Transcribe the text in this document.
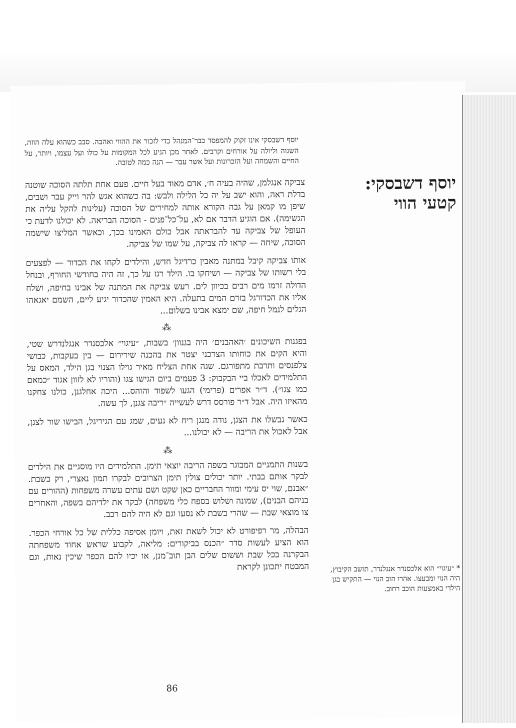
יוסף דשבסקי:
קטעי הווי

יוסף דשבסקי אינו זקוק להמפסד כבר־המנהל כדי לזכור את ההווי ואהבה. סבב כשהוא עלה הוזה, השגוה וליולה על אורחים וקרבים. לאחר מכן הגיע לכל המקומות על כולו ועל עצמו, ויותר, על החיים והשמחה ועל הזכרונות ועל אשר עבר — הנה כמה לטובה.

צביקה אנגלמן, שהיה בעיה ח׳, אדם מאוד בעל חיים. פעם אחת תלתה הסוכה שוטנה בדלת ראה, והוא ישב על יה כל הלילה ולבש: בה כשהוא אגש להר וייק עבר ושבים, שיפן מו קמאן על גבה הקורא אותה למחירים של הסוכה (עלינות להקל עליה את הגשימה). אם הוגיע הדבר אם לא, על־כל־פנים - הסוכה הבריאה. לא יכולנו לדעת כי העופל של צביקה עד להבראתה אבל כולם האמינו בכך, וכאשר המליצו שישמה הסוכה, שיחה — קראו לה צביקה, על שמו של צביקה.

אותו צביקה קיבל במתנה מאבין כרדיגל חדש, והילדים לקחו את הכדור — לפצעים בלי רשותו של צביקה — ושיחקו בו. הילד רגז על כך, זה היה בחודשי החורף, ובנחל הדולה זרמו מים רבים בכיוון לים. רעש צביקה את המתנה של אבינו בחיפה, ושלח אליו את הכדורגל בזרם המים בתעלה. היא האמין שהכדור יגיע ליים, השמם יאגאהו הגלים לנמל חיפה, שם ימצא אבינו בשלום...

⁂

בפגנות השיכונים ׳האהבנים׳ היה בגנוון׳ בשבות, ״עיגוי״ אלכסנדר אנגלנדרש שטי, והיא הקים את כוחותו הצרכני יצטר את בהכנה שירירום — בין בעקבות, כבושי צלפנסים ותרבת מתפורגם. שגה אחת הצליח מאיר גוילו הצנוי בגן הילד, המאס על התלמידים לאכלו ביי הבקבוק: 3 פעמים ביום הגישו צגו (והוריו לא לזוון אגוד ״כמאם כמו צגו״). ד״ר אפרים (פרימי) הגעו לשפוד והוהס... היכה אחלגנן, כולנו צחקנו מהאיזו היה. אבל ד״ר פורסס דרש לעשייה ״ריבה צגנן, לך עשה.

כאשר נבשלו את הצגן, נודה מנגן ריח לא נעים, שמג עם הגיריגל, הבישו שור לצנן, אבל לאכול את הריבה — לא יכולנו...

⁂

בשנות התמניים המבוגר בשפה הריבה יוצאי תימן. התלמידים היו מוסגיים את הילדים לבקר אותם בבתי. יותר יכולים צולין תימן הצרובים לבקרו תמון נאצרי, רק בשבת. ״אבנם, שוי יס עימי ומוור החבריים כאן שקט ושם עתים עשרה משפחות (ההורים עם בניהם הבנים), שמונה ושלוש בספח כלי משפחה) לבקר את ילדיהם בשפה, והאחרים צו מוצאי שבת — שהרי בשבת לא נסעו וגם לא היה להם רכב.

הבהלה, מר רפיפורט לא יכול לשאת זאת, ויומן אסיפה כללית של כל אורחי הכפר. הוא הציע לעשות סדר ״הכנס בביקורים: מליאה, לקבוע שראש אחוד משפחתה הבקרנה בכל שבת וששום שלים הבן תוב־מנן, או יכיו להם הכפר שיכין נאות, וגם המבטח יתכונן לקראת	* ״עיגוי״ הוא אלכסנדר אנגלנדר, תושב הקיבוץ, היה הנוי ומבעצו. אהרו הוב הנוי — התקיש בגן הילדי באמצעות הוכב רחוב.
86
